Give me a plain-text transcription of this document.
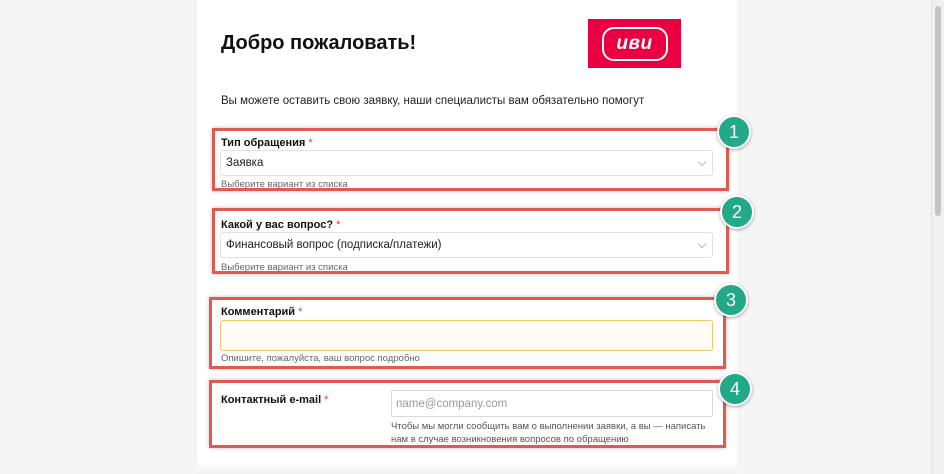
Добро пожаловать!	иви
Вы можете оставить свою заявку, наши специалисты вам обязательно помогут
1
Тип обращения *
Заявка
Выберите вариант из списка
2
Какой у вас вопрос? *
Финансовый вопрос (подписка/платежи)
Выберите вариант из списка
3
Комментарий *
Опишите, пожалуйста, ваш вопрос подробно
4
Контактный e-mail *	name@company.com
Чтобы мы могли сообщить вам о выполнении заявки, а вы — написать
нам в случае возникновения вопросов по обращению
